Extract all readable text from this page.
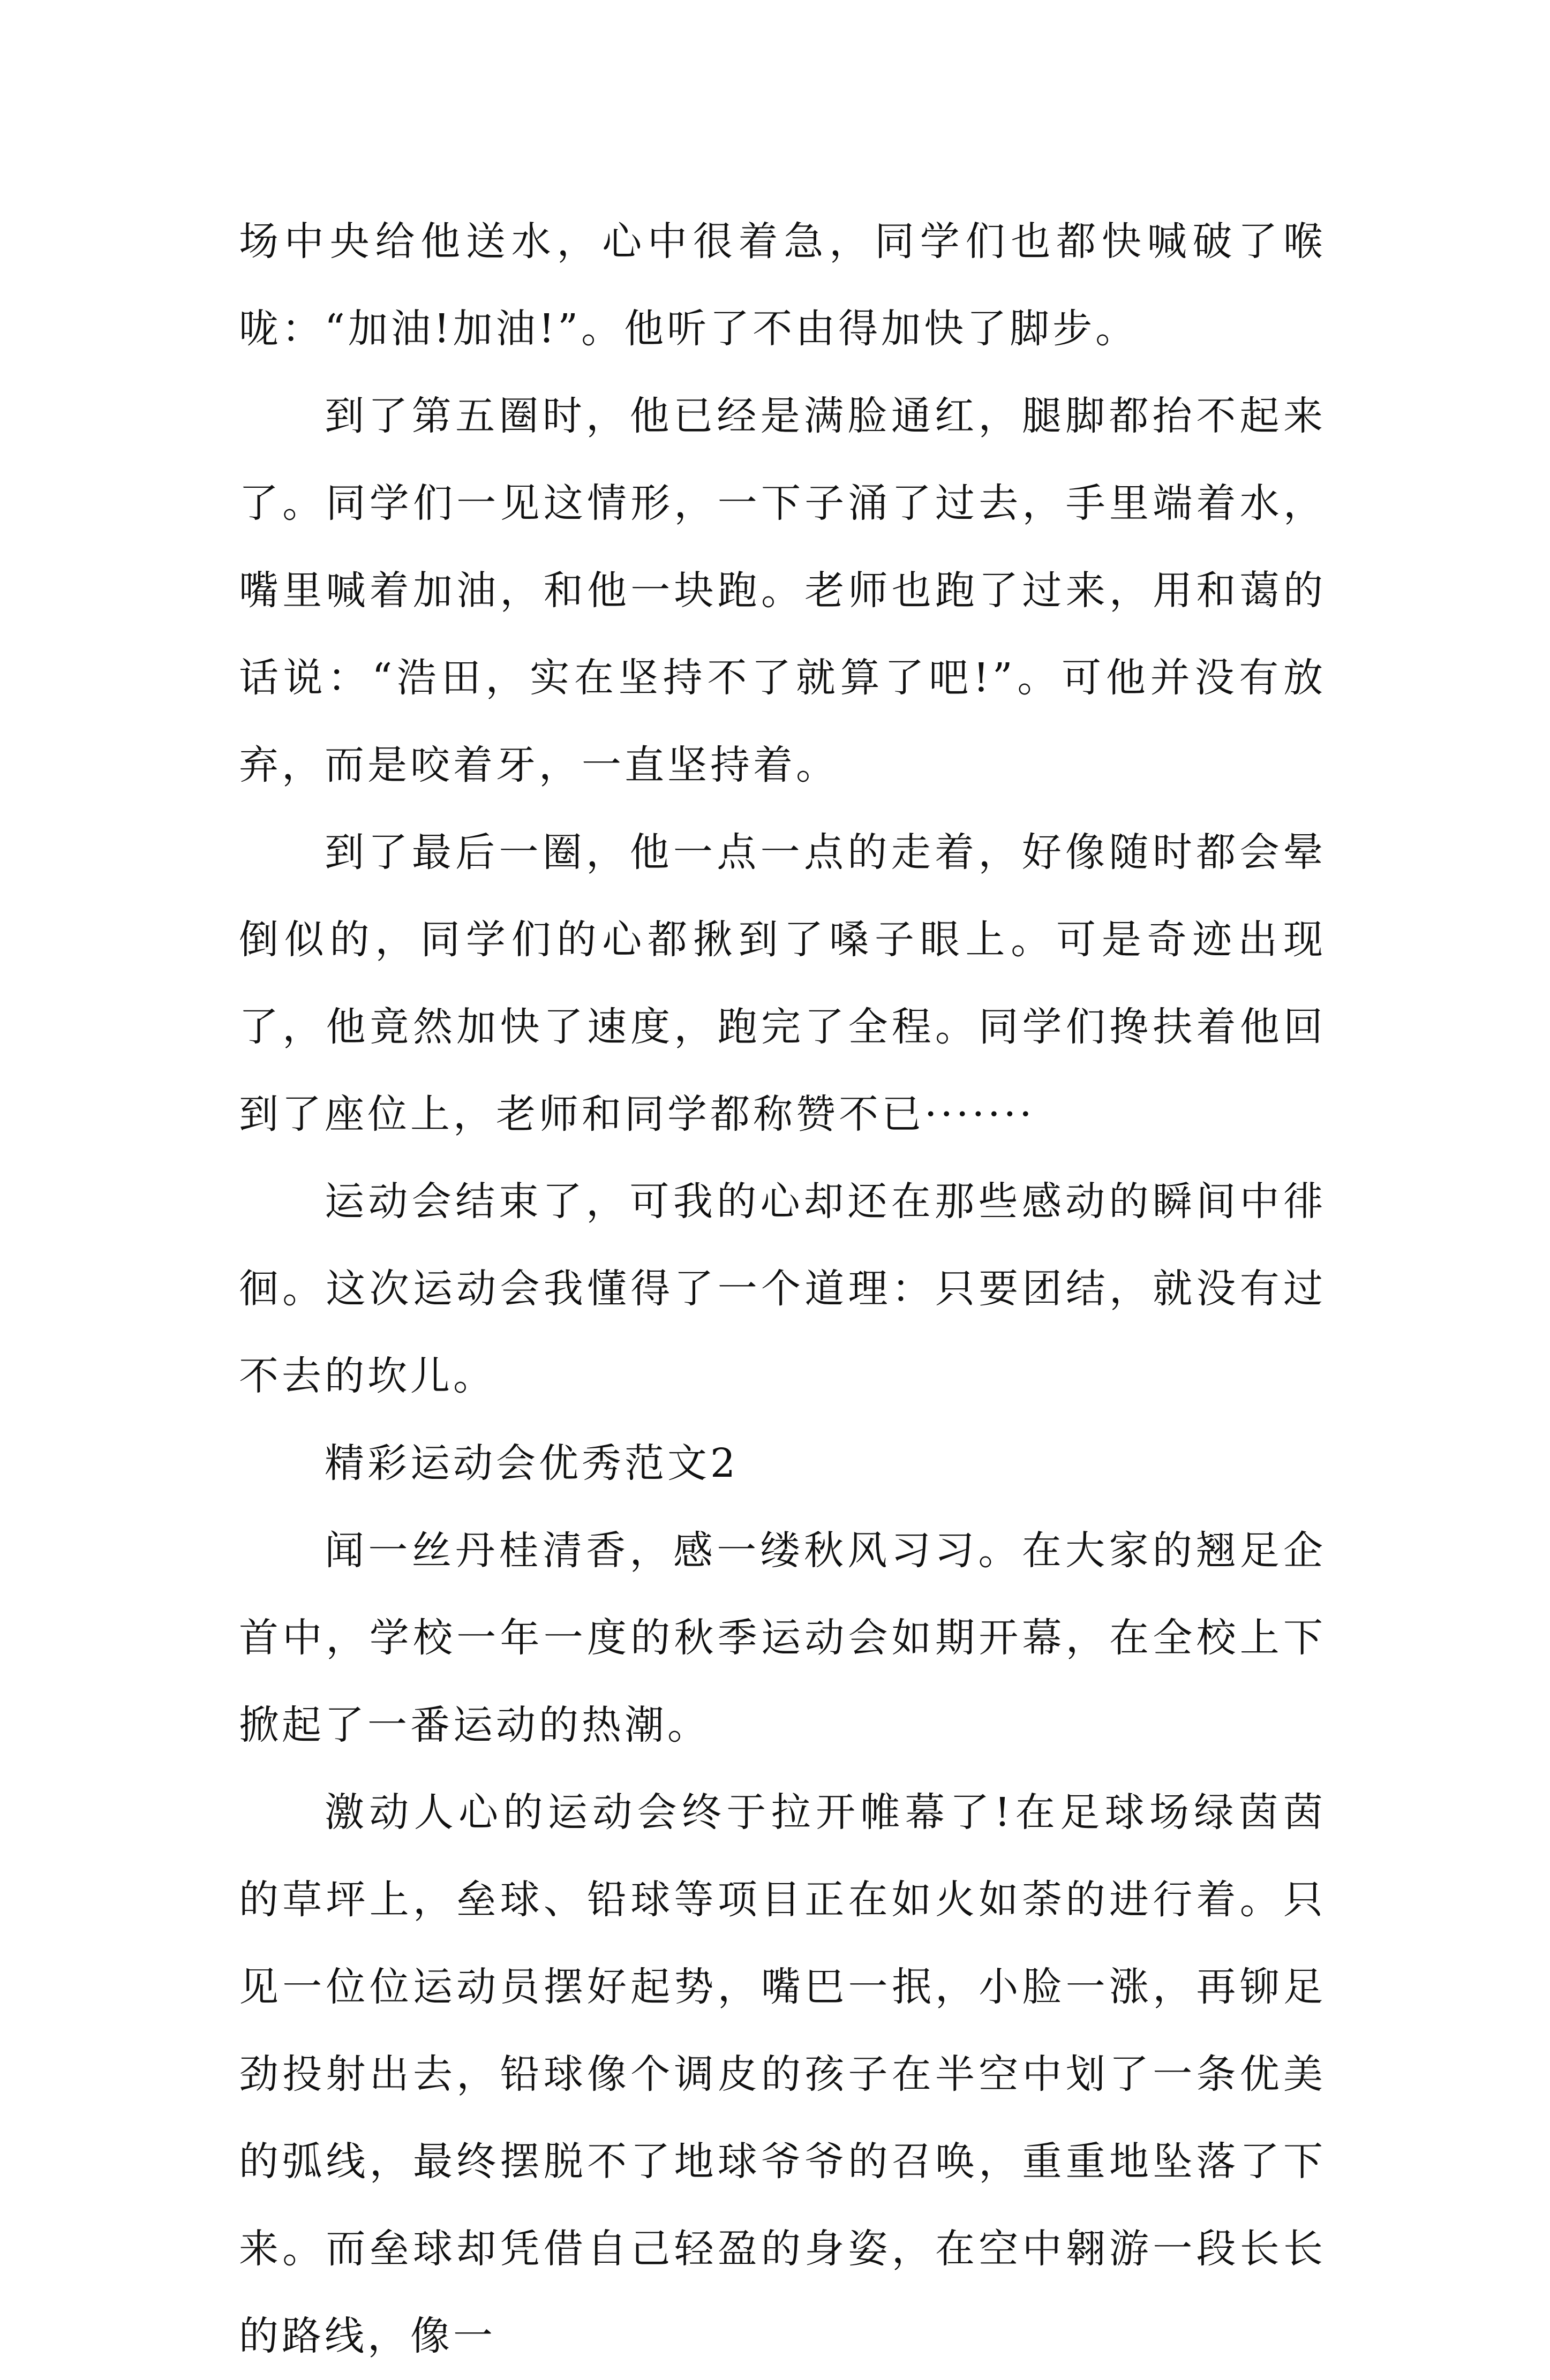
场中央给他送水，心中很着急，同学们也都快喊破了喉咙：“加油!加油!”。他听了不由得加快了脚步。

到了第五圈时，他已经是满脸通红，腿脚都抬不起来了。同学们一见这情形，一下子涌了过去，手里端着水，嘴里喊着加油，和他一块跑。老师也跑了过来，用和蔼的话说：“浩田，实在坚持不了就算了吧!”。可他并没有放弃，而是咬着牙，一直坚持着。

到了最后一圈，他一点一点的走着，好像随时都会晕倒似的，同学们的心都揪到了嗓子眼上。可是奇迹出现了，他竟然加快了速度，跑完了全程。同学们搀扶着他回到了座位上，老师和同学都称赞不已·······

运动会结束了，可我的心却还在那些感动的瞬间中徘徊。这次运动会我懂得了一个道理：只要团结，就没有过不去的坎儿。

精彩运动会优秀范文2

闻一丝丹桂清香，感一缕秋风习习。在大家的翘足企首中，学校一年一度的秋季运动会如期开幕，在全校上下掀起了一番运动的热潮。

激动人心的运动会终于拉开帷幕了!在足球场绿茵茵的草坪上，垒球、铅球等项目正在如火如荼的进行着。只见一位位运动员摆好起势，嘴巴一抿，小脸一涨，再铆足劲投射出去，铅球像个调皮的孩子在半空中划了一条优美的弧线，最终摆脱不了地球爷爷的召唤，重重地坠落了下来。而垒球却凭借自己轻盈的身姿，在空中翱游一段长长的路线，像一
